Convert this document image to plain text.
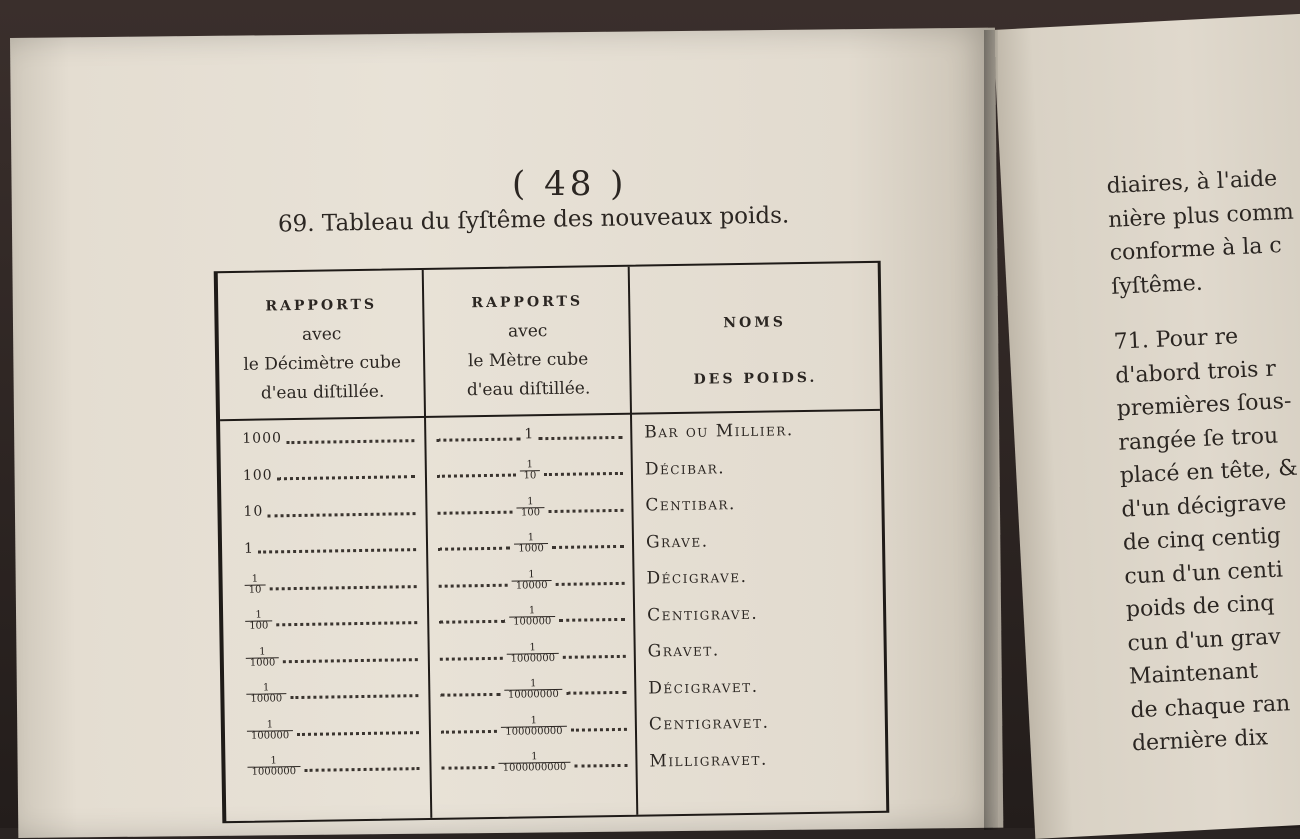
( 48 )
69. Tableau du ſyſtême des nouveaux poids.
RAPPORTS
avec
le Décimètre cube
d'eau diſtillée.
RAPPORTS
avec
le Mètre cube
d'eau diſtillée.
NOMS
DES POIDS.
1000	1	Bar ou Millier.
100	$\frac{1}{10}$	Décibar.
10	$\frac{1}{100}$	Centibar.
1	$\frac{1}{1000}$	Grave.
$\frac{1}{10}$	$\frac{1}{10000}$	Décigrave.
$\frac{1}{100}$	$\frac{1}{100000}$	Centigrave.
$\frac{1}{1000}$	$\frac{1}{1000000}$	Gravet.
$\frac{1}{10000}$	$\frac{1}{10000000}$	Décigravet.
$\frac{1}{100000}$	$\frac{1}{100000000}$	Centigravet.
$\frac{1}{1000000}$	$\frac{1}{1000000000}$	Milligravet.
diaires, à l'aide
nière plus comm
conforme à la c
ſyſtême.
71. Pour re
d'abord trois r
premières ſous-
rangée ſe trou
placé en tête, &
d'un décigrave
de cinq centig
cun d'un centi
poids de cinq
cun d'un grav
Maintenant
de chaque ran
dernière dix
